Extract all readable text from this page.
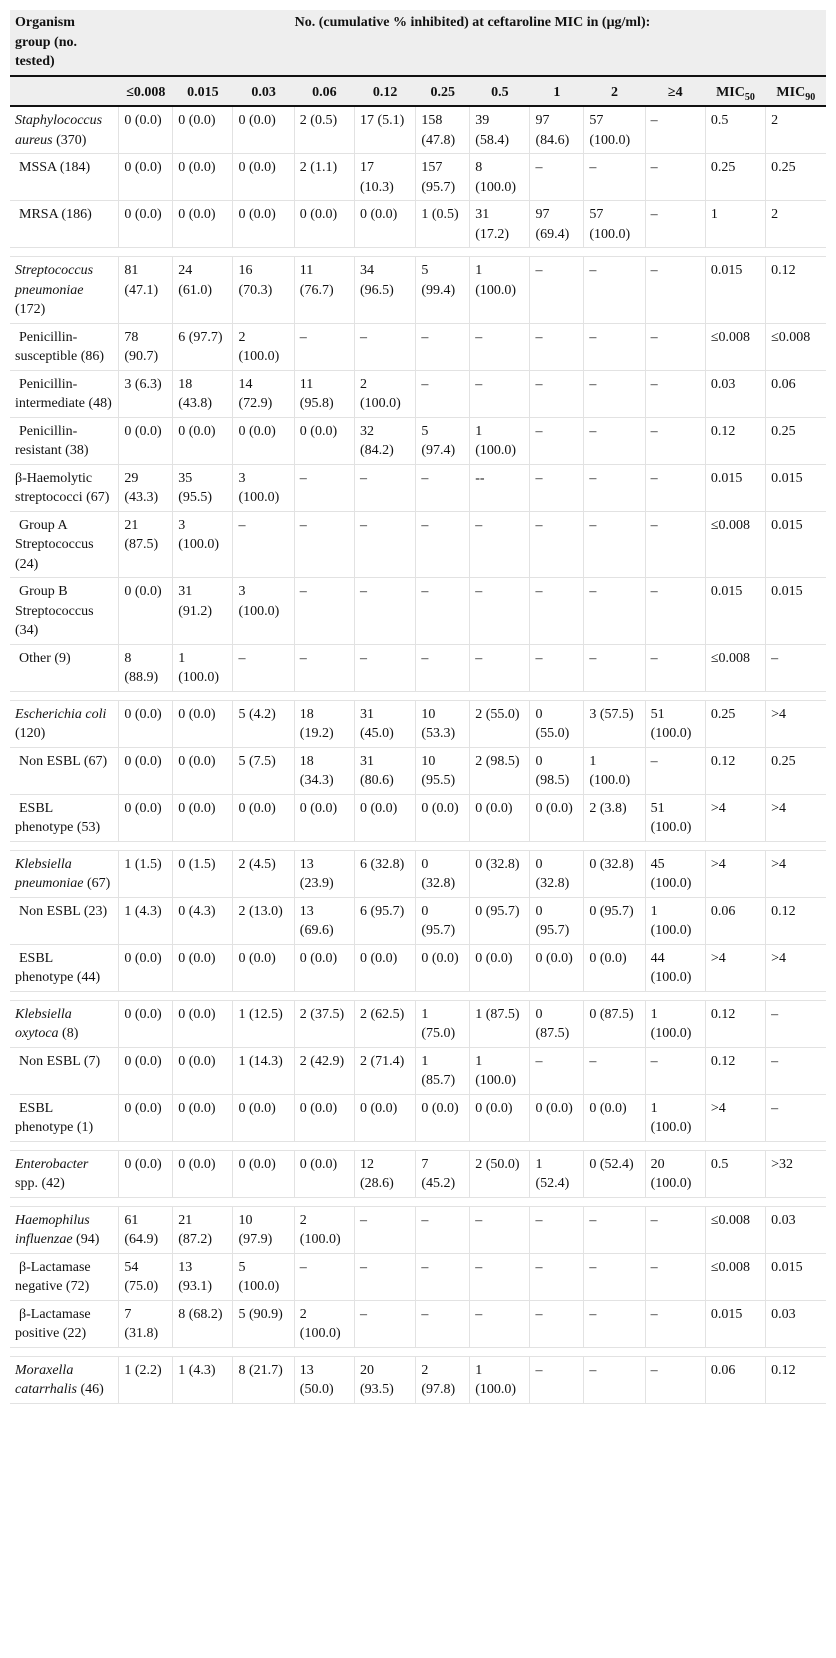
Organism group (no. tested)	No. (cumulative % inhibited) at ceftaroline MIC in (μg/ml):											
	≤0.008	0.015	0.03	0.06	0.12	0.25	0.5	1	2	≥4	$MIC_{50}$	$MIC_{90}$
Staphylococcus aureus (370)	0 (0.0)	0 (0.0)	0 (0.0)	2 (0.5)	17 (5.1)	158 (47.8)	39 (58.4)	97 (84.6)	57 (100.0)	–	0.5	2
MSSA (184)	0 (0.0)	0 (0.0)	0 (0.0)	2 (1.1)	17 (10.3)	157 (95.7)	8 (100.0)	–	–	–	0.25	0.25
MRSA (186)	0 (0.0)	0 (0.0)	0 (0.0)	0 (0.0)	0 (0.0)	1 (0.5)	31 (17.2)	97 (69.4)	57 (100.0)	–	1	2

Streptococcus pneumoniae (172)	81 (47.1)	24 (61.0)	16 (70.3)	11 (76.7)	34 (96.5)	5 (99.4)	1 (100.0)	–	–	–	0.015	0.12
Penicillin-susceptible (86)	78 (90.7)	6 (97.7)	2 (100.0)	–	–	–	–	–	–	–	≤0.008	≤0.008
Penicillin-intermediate (48)	3 (6.3)	18 (43.8)	14 (72.9)	11 (95.8)	2 (100.0)	–	–	–	–	–	0.03	0.06
Penicillin-resistant (38)	0 (0.0)	0 (0.0)	0 (0.0)	0 (0.0)	32 (84.2)	5 (97.4)	1 (100.0)	–	–	–	0.12	0.25
β-Haemolytic streptococci (67)	29 (43.3)	35 (95.5)	3 (100.0)	–	–	–	--	–	–	–	0.015	0.015
Group A Streptococcus (24)	21 (87.5)	3 (100.0)	–	–	–	–	–	–	–	–	≤0.008	0.015
Group B Streptococcus (34)	0 (0.0)	31 (91.2)	3 (100.0)	–	–	–	–	–	–	–	0.015	0.015
Other (9)	8 (88.9)	1 (100.0)	–	–	–	–	–	–	–	–	≤0.008	–

Escherichia coli (120)	0 (0.0)	0 (0.0)	5 (4.2)	18 (19.2)	31 (45.0)	10 (53.3)	2 (55.0)	0 (55.0)	3 (57.5)	51 (100.0)	0.25	>4
Non ESBL (67)	0 (0.0)	0 (0.0)	5 (7.5)	18 (34.3)	31 (80.6)	10 (95.5)	2 (98.5)	0 (98.5)	1 (100.0)	–	0.12	0.25
ESBL phenotype (53)	0 (0.0)	0 (0.0)	0 (0.0)	0 (0.0)	0 (0.0)	0 (0.0)	0 (0.0)	0 (0.0)	2 (3.8)	51 (100.0)	>4	>4

Klebsiella pneumoniae (67)	1 (1.5)	0 (1.5)	2 (4.5)	13 (23.9)	6 (32.8)	0 (32.8)	0 (32.8)	0 (32.8)	0 (32.8)	45 (100.0)	>4	>4
Non ESBL (23)	1 (4.3)	0 (4.3)	2 (13.0)	13 (69.6)	6 (95.7)	0 (95.7)	0 (95.7)	0 (95.7)	0 (95.7)	1 (100.0)	0.06	0.12
ESBL phenotype (44)	0 (0.0)	0 (0.0)	0 (0.0)	0 (0.0)	0 (0.0)	0 (0.0)	0 (0.0)	0 (0.0)	0 (0.0)	44 (100.0)	>4	>4

Klebsiella oxytoca (8)	0 (0.0)	0 (0.0)	1 (12.5)	2 (37.5)	2 (62.5)	1 (75.0)	1 (87.5)	0 (87.5)	0 (87.5)	1 (100.0)	0.12	–
Non ESBL (7)	0 (0.0)	0 (0.0)	1 (14.3)	2 (42.9)	2 (71.4)	1 (85.7)	1 (100.0)	–	–	–	0.12	–
ESBL phenotype (1)	0 (0.0)	0 (0.0)	0 (0.0)	0 (0.0)	0 (0.0)	0 (0.0)	0 (0.0)	0 (0.0)	0 (0.0)	1 (100.0)	>4	–

Enterobacter spp. (42)	0 (0.0)	0 (0.0)	0 (0.0)	0 (0.0)	12 (28.6)	7 (45.2)	2 (50.0)	1 (52.4)	0 (52.4)	20 (100.0)	0.5	>32

Haemophilus influenzae (94)	61 (64.9)	21 (87.2)	10 (97.9)	2 (100.0)	–	–	–	–	–	–	≤0.008	0.03
β-Lactamase negative (72)	54 (75.0)	13 (93.1)	5 (100.0)	–	–	–	–	–	–	–	≤0.008	0.015
β-Lactamase positive (22)	7 (31.8)	8 (68.2)	5 (90.9)	2 (100.0)	–	–	–	–	–	–	0.015	0.03

Moraxella catarrhalis (46)	1 (2.2)	1 (4.3)	8 (21.7)	13 (50.0)	20 (93.5)	2 (97.8)	1 (100.0)	–	–	–	0.06	0.12
